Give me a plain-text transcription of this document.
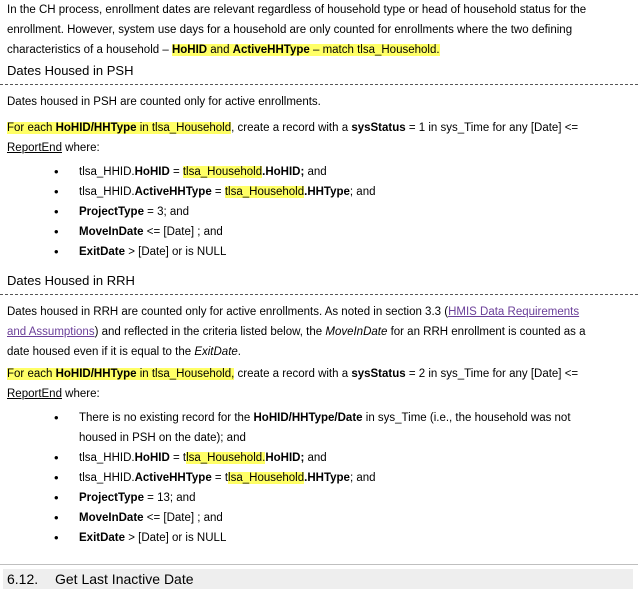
In the CH process, enrollment dates are relevant regardless of household type or head of household status for the
enrollment. However, system use days for a household are only counted for enrollments where the two defining
characteristics of a household – HoHID and ActiveHHType – match tlsa_Household.
Dates Housed in PSH
Dates housed in PSH are counted only for active enrollments.
For each HoHID/HHType in tlsa_Household, create a record with a sysStatus = 1 in sys_Time for any [Date] <=
ReportEnd where:
• tlsa_HHID.HoHID = tlsa_Household.HoHID; and
• tlsa_HHID.ActiveHHType = tlsa_Household.HHType; and
• ProjectType = 3; and
• MoveInDate <= [Date] ; and
• ExitDate > [Date] or is NULL
Dates Housed in RRH
Dates housed in RRH are counted only for active enrollments. As noted in section 3.3 (HMIS Data Requirements
and Assumptions) and reflected in the criteria listed below, the MoveInDate for an RRH enrollment is counted as a
date housed even if it is equal to the ExitDate.
For each HoHID/HHType in tlsa_Household, create a record with a sysStatus = 2 in sys_Time for any [Date] <=
ReportEnd where:
• There is no existing record for the HoHID/HHType/Date in sys_Time (i.e., the household was not
housed in PSH on the date); and
• tlsa_HHID.HoHID = tlsa_Household.HoHID; and
• tlsa_HHID.ActiveHHType = tlsa_Household.HHType; and
• ProjectType = 13; and
• MoveInDate <= [Date] ; and
• ExitDate > [Date] or is NULL
6.12. Get Last Inactive Date
